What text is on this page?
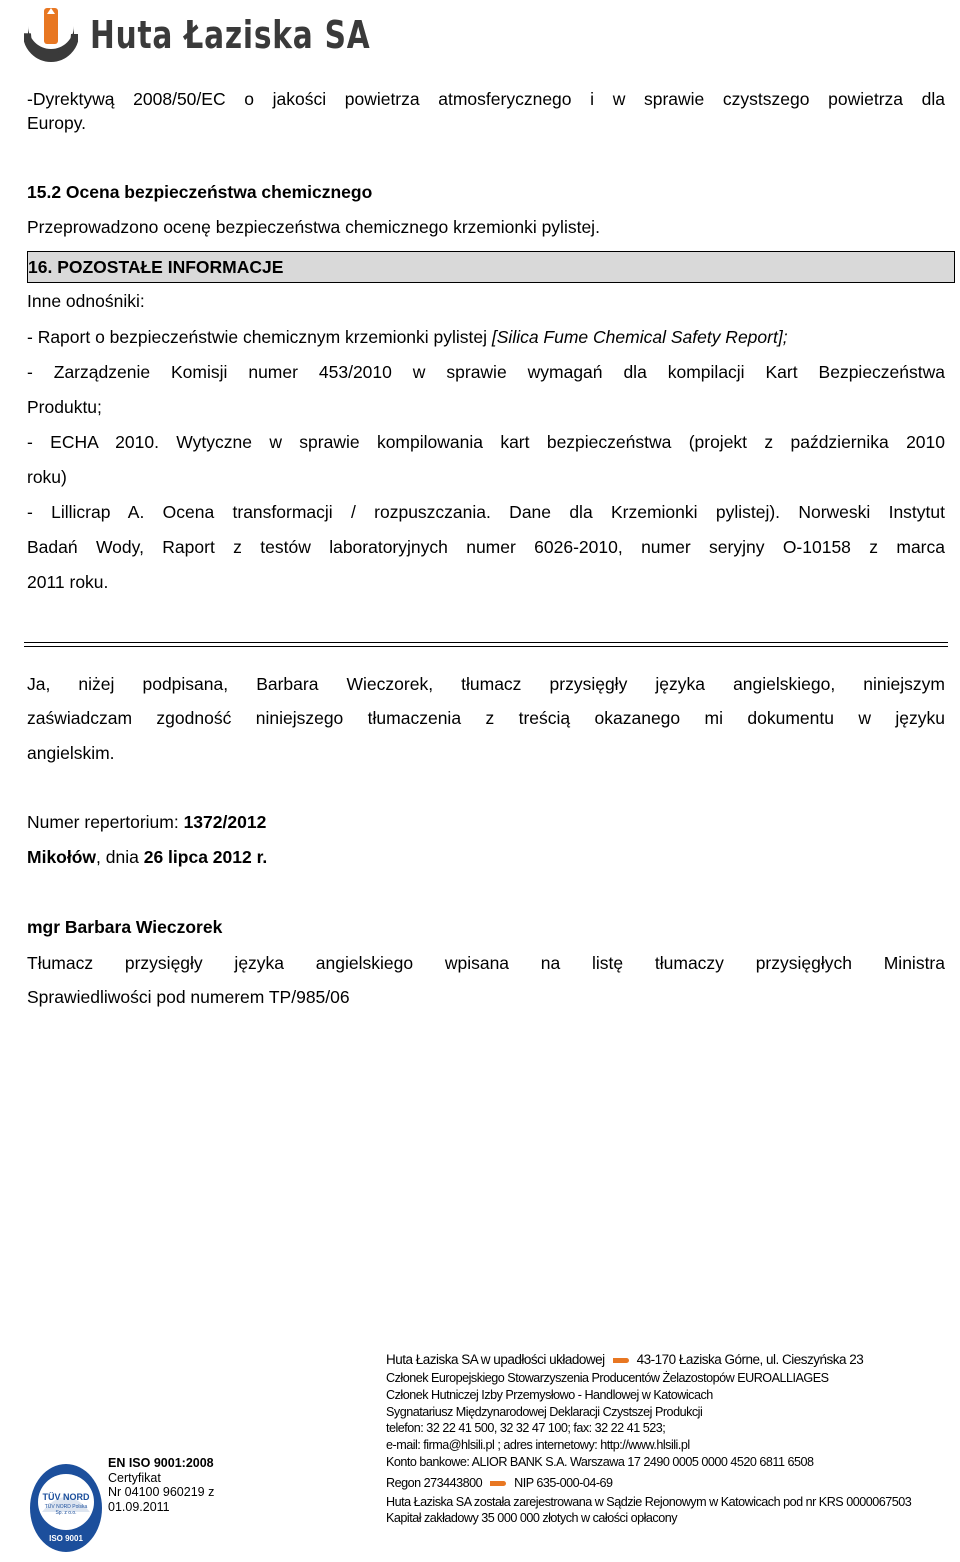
Huta Łaziska SA
-Dyrektywą 2008/50/EC o jakości powietrza atmosferycznego i w sprawie czystszego powietrza dla
Europy.
15.2 Ocena bezpieczeństwa chemicznego
Przeprowadzono ocenę bezpieczeństwa chemicznego krzemionki pylistej.
16. POZOSTAŁE INFORMACJE
Inne odnośniki:
- Raport o bezpieczeństwie chemicznym krzemionki pylistej [Silica Fume Chemical Safety Report];
- Zarządzenie Komisji numer 453/2010 w sprawie wymagań dla kompilacji Kart Bezpieczeństwa
Produktu;
- ECHA 2010. Wytyczne w sprawie kompilowania kart bezpieczeństwa (projekt z października 2010
roku)
- Lillicrap A. Ocena transformacji / rozpuszczania. Dane dla Krzemionki pylistej). Norweski Instytut
Badań Wody, Raport z testów laboratoryjnych numer 6026-2010, numer seryjny O-10158 z marca
2011 roku.
Ja, niżej podpisana, Barbara Wieczorek, tłumacz przysięgły języka angielskiego, niniejszym
zaświadczam zgodność niniejszego tłumaczenia z treścią okazanego mi dokumentu w języku
angielskim.
Numer repertorium: 1372/2012
Mikołów, dnia 26 lipca 2012 r.
mgr Barbara Wieczorek
Tłumacz przysięgły języka angielskiego wpisana na listę tłumaczy przysięgłych Ministra
Sprawiedliwości pod numerem TP/985/06
TÜV NORD
TÜV NORD Polska
Sp. z o.o.
ISO 9001
EN ISO 9001:2008
Certyfikat
Nr 04100 960219 z
01.09.2011
Huta Łaziska SA w upadłości układowej 43-170 Łaziska Górne, ul. Cieszyńska 23
Członek Europejskiego Stowarzyszenia Producentów Żelazostopów EUROALLIAGES
Członek Hutniczej Izby Przemysłowo - Handlowej w Katowicach
Sygnatariusz Międzynarodowej Deklaracji Czystszej Produkcji
telefon: 32 22 41 500, 32 32 47 100; fax: 32 22 41 523;
e-mail: firma@hlsili.pl ; adres internetowy: http://www.hlsili.pl
Konto bankowe: ALIOR BANK S.A. Warszawa 17 2490 0005 0000 4520 6811 6508
Regon 273443800	NIP 635-000-04-69
Huta Łaziska SA została zarejestrowana w Sądzie Rejonowym w Katowicach pod nr KRS 0000067503
Kapitał zakładowy 35 000 000 złotych w całości opłacony
